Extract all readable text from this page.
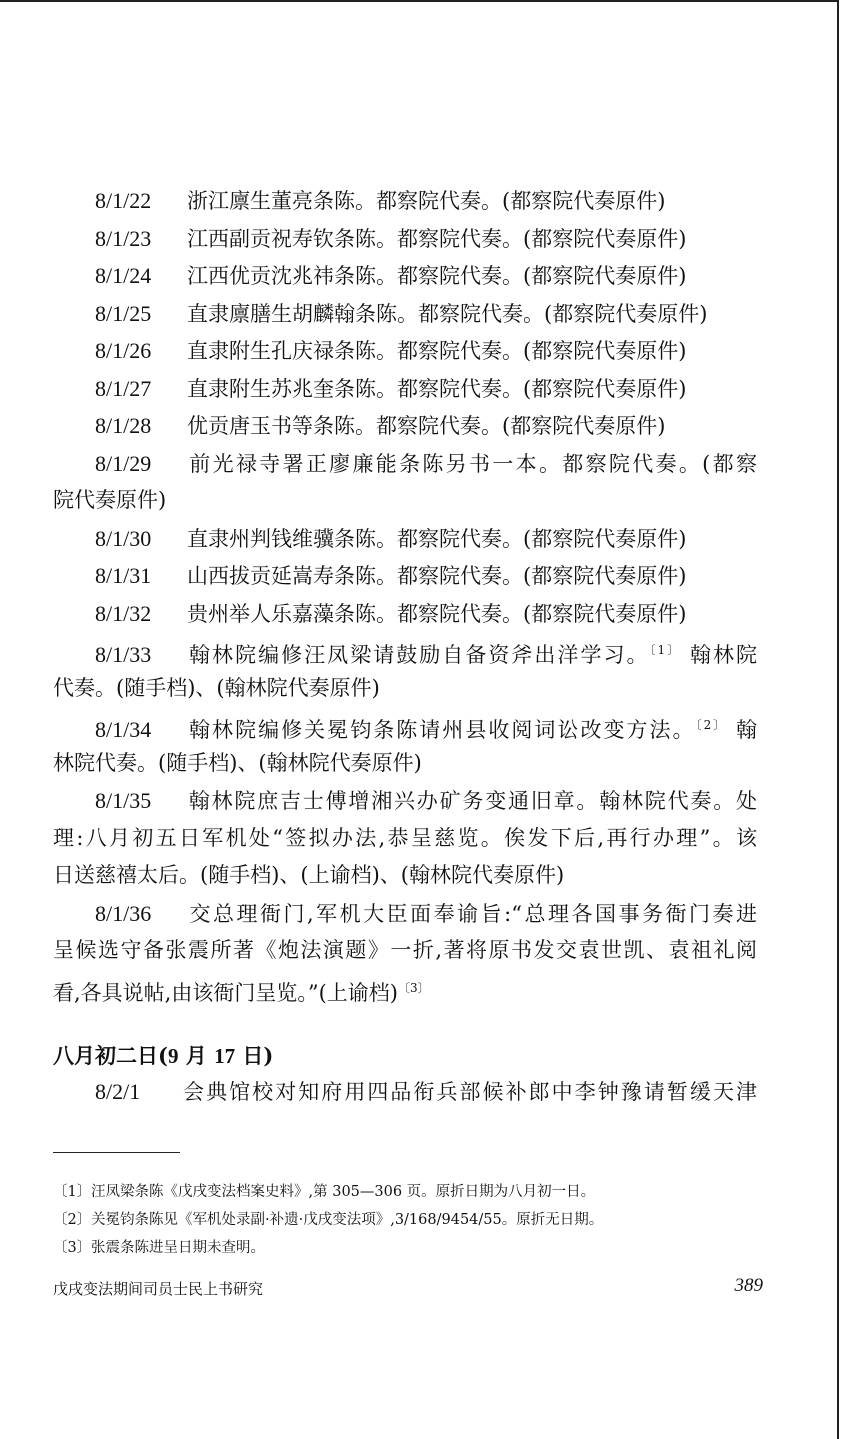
8/1/22 浙江廪生董亮条陈。都察院代奏。(都察院代奏原件)
8/1/23 江西副贡祝寿钦条陈。都察院代奏。(都察院代奏原件)
8/1/24 江西优贡沈兆祎条陈。都察院代奏。(都察院代奏原件)
8/1/25 直隶廪膳生胡麟翰条陈。都察院代奏。(都察院代奏原件)
8/1/26 直隶附生孔庆禄条陈。都察院代奏。(都察院代奏原件)
8/1/27 直隶附生苏兆奎条陈。都察院代奏。(都察院代奏原件)
8/1/28 优贡唐玉书等条陈。都察院代奏。(都察院代奏原件)
8/1/29 前光禄寺署正廖廉能条陈另书一本。都察院代奏。(都察
院代奏原件)
8/1/30 直隶州判钱维骥条陈。都察院代奏。(都察院代奏原件)
8/1/31 山西拔贡延嵩寿条陈。都察院代奏。(都察院代奏原件)
8/1/32 贵州举人乐嘉藻条陈。都察院代奏。(都察院代奏原件)
8/1/33 翰林院编修汪凤梁请鼓励自备资斧出洋学习。$^{〔1〕}$ 翰林院
代奏。(随手档)、(翰林院代奏原件)
8/1/34 翰林院编修关冕钧条陈请州县收阅词讼改变方法。$^{〔2〕}$ 翰
林院代奏。(随手档)、(翰林院代奏原件)
8/1/35 翰林院庶吉士傅增湘兴办矿务变通旧章。翰林院代奏。处
理:八月初五日军机处“签拟办法,恭呈慈览。俟发下后,再行办理”。该
日送慈禧太后。(随手档)、(上谕档)、(翰林院代奏原件)
8/1/36 交总理衙门,军机大臣面奉谕旨:“总理各国事务衙门奏进
呈候选守备张震所著《炮法演题》一折,著将原书发交袁世凯、袁祖礼阅
看,各具说帖,由该衙门呈览。”(上谕档)$^{〔3〕}$
八月初二日(9 月 17 日)
8/2/1 会典馆校对知府用四品衔兵部候补郎中李钟豫请暂缓天津
〔1〕汪凤梁条陈《戊戌变法档案史料》,第 305—306 页。原折日期为八月初一日。
〔2〕关冕钧条陈见《军机处录副·补遗·戊戌变法项》,3/168/9454/55。原折无日期。
〔3〕张震条陈进呈日期未查明。
戊戌变法期间司员士民上书研究	389
